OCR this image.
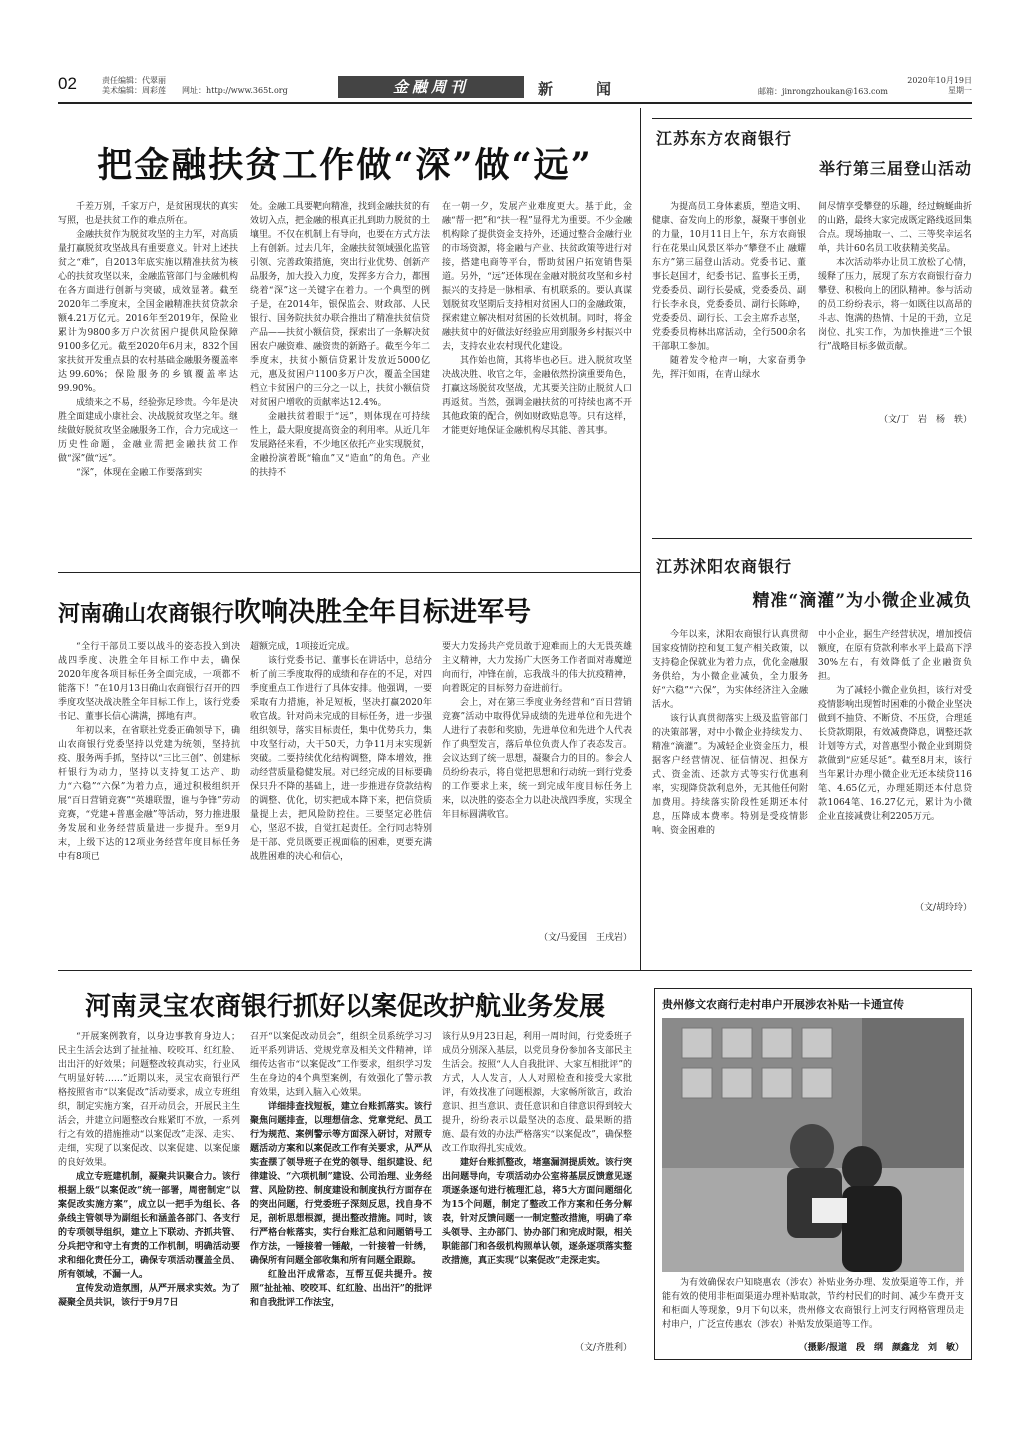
02	责任编辑：代翠丽
美术编辑：周彩莲　　 网址：http://www.365t.org	金融周刊	新　闻	邮箱：jinrongzhoukan@163.com
2020年10月19日
星期一
把金融扶贫工作做“深”做“远”

千差万别，千家万户，是贫困现状的真实写照，也是扶贫工作的难点所在。

金融扶贫作为脱贫攻坚的主力军，对高质量打赢脱贫攻坚战具有重要意义。针对上述扶贫之“难”，自2013年底实施以精准扶贫为核心的扶贫攻坚以来，金融监管部门与金融机构在各方面进行创新与突破，成效显著。截至2020年二季度末，全国金融精准扶贫贷款余额4.21万亿元。2016年至2019年，保险业累计为9800多万户次贫困户提供风险保障9100多亿元。截至2020年6月末，832个国家扶贫开发重点县的农村基础金融服务覆盖率达99.60%；保险服务的乡镇覆盖率达99.90%。

成绩来之不易，经验弥足珍贵。今年是决胜全面建成小康社会、决战脱贫攻坚之年。继续做好脱贫攻坚金融服务工作，合力完成这一历史性命题，金融业需把金融扶贫工作做“深”做“远”。

“深”，体现在金融工作要落到实

处。金融工具要靶向精准，找到金融扶贫的有效切入点，把金融的根真正扎到助力脱贫的土壤里。不仅在机制上有导向，也要在方式方法上有创新。过去几年，金融扶贫领域强化监管引领、完善政策措施，突出行业优势、创新产品服务，加大投入力度，发挥多方合力，都围绕着“深”这一关键字在着力。一个典型的例子是，在2014年，银保监会、财政部、人民银行、国务院扶贫办联合推出了精准扶贫信贷产品——扶贫小额信贷，探索出了一条解决贫困农户融资难、融资贵的新路子。截至今年二季度末，扶贫小额信贷累计发放近5000亿元，惠及贫困户1100多万户次，覆盖全国建档立卡贫困户的三分之一以上，扶贫小额信贷对贫困户增收的贡献率达12.4%。

金融扶贫着眼于“远”，则体现在可持续性上，最大限度提高资金的利用率。从近几年发展路径来看，不少地区依托产业实现脱贫，金融扮演着既“输血”又“造血”的角色。产业的扶持不

在一朝一夕，发展产业难度更大。基于此，金融“帮一把”和“扶一程”显得尤为重要。不少金融机构除了提供资金支持外，还通过整合金融行业的市场资源，将金融与产业、扶贫政策等进行对接，搭建电商等平台，帮助贫困户拓宽销售渠道。另外，“远”还体现在金融对脱贫攻坚和乡村振兴的支持是一脉相承、有机联系的。要认真谋划脱贫攻坚期后支持相对贫困人口的金融政策，探索建立解决相对贫困的长效机制。同时，将金融扶贫中的好做法好经验应用到服务乡村振兴中去，支持农业农村现代化建设。

其作始也简，其将毕也必巨。进入脱贫攻坚决战决胜、收官之年，金融依然扮演重要角色，打赢这场脱贫攻坚战，尤其要关注防止脱贫人口再返贫。当然，强调金融扶贫的可持续也离不开其他政策的配合，例如财政贴息等。只有这样，才能更好地保证金融机构尽其能、善其事。

江苏东方农商银行
举行第三届登山活动

为提高员工身体素质，塑造文明、健康、奋发向上的形象，凝聚干事创业的力量，10月11日上午，东方农商银行在花果山风景区举办“攀登不止 融耀东方”第三届登山活动。党委书记、董事长赵国才，纪委书记、监事长王勇，党委委员、副行长晏威，党委委员、副行长李永良，党委委员、副行长陈峥，党委委员、副行长、工会主席乔志坚，党委委员梅林出席活动，全行500余名干部职工参加。

随着发令枪声一响，大家奋勇争先，挥汗如雨，在青山绿水

间尽情享受攀登的乐趣，经过蜿蜒曲折的山路，最终大家完成既定路线返回集合点。现场抽取一、二、三等奖幸运名单，共计60名员工收获精美奖品。

本次活动举办让员工放松了心情，缓释了压力，展现了东方农商银行奋力攀登、积极向上的团队精神。参与活动的员工纷纷表示，将一如既往以高昂的斗志、饱满的热情、十足的干劲，立足岗位、扎实工作，为加快推进“三个银行”战略目标多做贡献。

（文/丁　岩　杨　轶）
河南确山农商银行吹响决胜全年目标进军号

“全行干部员工要以战斗的姿态投入到决战四季度、决胜全年目标工作中去，确保2020年度各项目标任务全面完成，一项都不能落下！”在10月13日确山农商银行召开的四季度攻坚决战决胜全年目标工作上，该行党委书记、董事长信心满满，掷地有声。

年初以来，在省联社党委正确领导下，确山农商银行党委坚持以党建为统领，坚持抗疫、服务两手抓，坚持以“三比三创”、创建标杆银行为动力，坚持以支持复工达产、助力“六稳”“六保”为着力点，通过积极组织开展“百日营销竞赛”“英雄联盟，谁与争锋”劳动竞赛，“党建+普惠金融”等活动，努力推进服务发展和业务经营质量进一步提升。至9月末，上级下达的12项业务经营年度目标任务中有8项已

超额完成，1项接近完成。

该行党委书记、董事长在讲话中，总结分析了前三季度取得的成绩和存在的不足，对四季度重点工作进行了具体安排。他强调，一要采取有力措施，补足短板，坚决打赢2020年收官战。针对尚未完成的目标任务，进一步强组织领导，落实目标责任，集中优势兵力，集中攻坚行动，大干50天，力争11月末实现新突破。二要持续优化结构调整，降本增效，推动经营质量稳健发展。对已经完成的目标要确保只升不降的基础上，进一步推进存贷款结构的调整、优化，切实把成本降下来，把信贷质量提上去，把风险防控住。三要坚定必胜信心，坚忍不拔，自觉扛起责任。全行同志特别是干部、党员既要正视面临的困难，更要充满战胜困难的决心和信心，

要大力发扬共产党员敢于迎难而上的大无畏英雄主义精神，大力发扬广大医务工作者面对毒魔逆向而行，冲锋在前，忘我战斗的伟大抗疫精神，向着既定的目标努力奋进前行。

会上，对在第三季度业务经营和“百日营销竞赛”活动中取得优异成绩的先进单位和先进个人进行了表彰和奖励，先进单位和先进个人代表作了典型发言，落后单位负责人作了表态发言。会议达到了统一思想，凝聚合力的目的。参会人员纷纷表示，将自觉把思想和行动统一到行党委的工作要求上来，统一到完成年度目标任务上来，以决胜的姿态全力以赴决战四季度，实现全年目标圆满收官。

（文/马爱国　王戌岩）
江苏沭阳农商银行
精准“滴灌”为小微企业减负

今年以来，沭阳农商银行认真贯彻国家疫情防控和复工复产相关政策，以支持稳企保就业为着力点，优化金融服务供给，为小微企业减负，全力服务好“六稳”“六保”，为实体经济注入金融活水。

该行认真贯彻落实上级及监管部门的决策部署，对中小微企业持续发力、精准“滴灌”。为减轻企业资金压力，根据客户经营情况、征信情况、担保方式、资金流、还款方式等实行优惠利率，实现降贷款利息外，无其他任何附加费用。持续落实阶段性延期还本付息，压降成本费率。特别是受疫情影响、资金困难的

中小企业，据生产经营状况，增加授信额度，在原有贷款利率水平上最高下浮30%左右，有效降低了企业融资负担。

为了减轻小微企业负担，该行对受疫情影响出现暂时困难的小微企业坚决做到不抽贷、不断贷、不压贷，合理延长贷款期限，有效减费降息，调整还款计划等方式，对普惠型小微企业到期贷款做到“应延尽延”。截至8月末，该行当年累计办理小微企业无还本续贷116笔、4.65亿元，办理延期还本付息贷款1064笔、16.27亿元，累计为小微企业直接减费让利2205万元。

（文/胡玲玲）
河南灵宝农商银行抓好以案促改护航业务发展

“开展案例教育，以身边事教育身边人；民主生活会达到了扯扯袖、咬咬耳、红红脸、出出汗的好效果；问题整改较真动实，行业风气明显好转……”近期以来，灵宝农商银行严格按照省市“以案促改”活动要求，成立专班组织，制定实施方案，召开动员会，开展民主生活会，并建立问题整改台账紧盯不放，一系列行之有效的措施推动“以案促改”走深、走实、走细，实现了以案促改、以案促建、以案促廉的良好效果。

成立专班建机制，凝聚共识聚合力。该行根据上级“以案促改”统一部署，周密制定“以案促改实施方案”，成立以一把手为组长、各条线主管领导为副组长和涵盖各部门、各支行的专项领导组织，建立上下联动、齐抓共管、分兵把守和守土有责的工作机制，明确活动要求和细化责任分工，确保专项活动覆盖全员、所有领域，不漏一人。

宣传发动造氛围，从严开展求实效。为了凝聚全员共识，该行于9月7日

召开“以案促改动员会”，组织全员系统学习习近平系列讲话、党规党章及相关文件精神，详细传达省市“以案促改”工作要求，组织学习发生在身边的4个典型案例，有效强化了警示教育效果，达到入脑入心效果。

详细排查找短板，建立台账抓落实。该行聚焦问题排查，以理想信念、党章党纪、员工行为规范、案例警示等方面深入研讨，对照专题活动方案和以案促改工作有关要求，从严从实查摆了领导班子在党的领导、组织建设、纪律建设、“六项机制”建设、公司治理、业务经营、风险防控、制度建设和制度执行方面存在的突出问题，行党委班子深刻反思，找自身不足，剖析思想根源，提出整改措施。同时，该行严格台帐落实，实行台账汇总和问题销号工作方法，一锤接着一锤敲，一针接着一针绣，确保所有问题全部收集和所有问题全跟踪。

红脸出汗成常态，互帮互促共提升。按照“扯扯袖、咬咬耳、红红脸、出出汗”的批评和自我批评工作法宝，

该行从9月23日起，利用一周时间，行党委班子成员分别深入基层，以党员身份参加各支部民主生活会。按照“人人自我批评、大家互相批评”的方式，人人发言，人人对照检查和接受大家批评，有效找准了问题根源，大家畅所欲言，政治意识、担当意识、责任意识和自律意识得到较大提升，纷纷表示以最坚决的态度、最果断的措施、最有效的办法严格落实“以案促改”，确保整改工作取得扎实成效。

建好台账抓整改，堵塞漏洞提质效。该行突出问题导向，专项活动办公室将基层反馈意见逐项逐条逐句进行梳理汇总，将5大方面问题细化为15个问题，制定了整改工作方案和任务分解表，针对反馈问题一一制定整改措施，明确了牵头领导、主办部门、协办部门和完成时限，相关职能部门和各级机构照单认领，逐条逐项落实整改措施，真正实现“以案促改”走深走实。

（文/齐胜利）
贵州修文农商行走村串户开展涉农补贴一卡通宣传
为有效确保农户知晓惠农（涉农）补贴业务办理、发放渠道等工作，并能有效的使用非柜面渠道办理补贴取款，节约村民们的时间、减少车费开支和柜面人等现象，9月下旬以来，贵州修文农商银行上河支行网格管理员走村串户，广泛宣传惠农（涉农）补贴发放渠道等工作。
（摄影/报道　段　纲　颜鑫龙　刘　敏）
